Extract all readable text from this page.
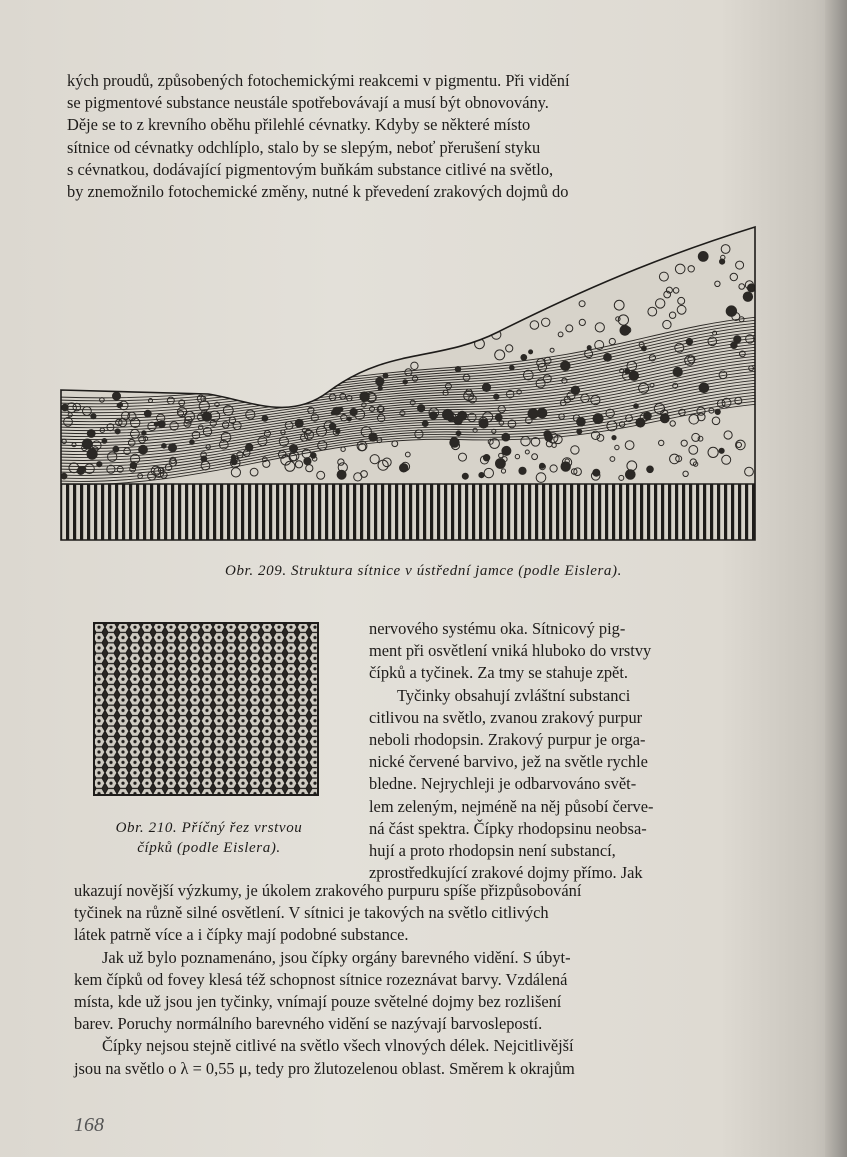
kých proudů, způsobených fotochemickými reakcemi v pigmentu. Při vidění
se pigmentové substance neustále spotřebovávají a musí být obnovovány.
Děje se to z krevního oběhu přilehlé cévnatky. Kdyby se některé místo
sítnice od cévnatky odchlíplo, stalo by se slepým, neboť přerušení styku
s cévnatkou, dodávající pigmentovým buňkám substance citlivé na světlo,
by znemožnilo fotochemické změny, nutné k převedení zrakových dojmů do

Obr. 209. Struktura sítnice v ústřední jamce (podle Eislera).
Obr. 210. Příčný řez vrstvou
čípků (podle Eislera).

nervového systému oka. Sítnicový pig-
ment při osvětlení vniká hluboko do vrstvy
čípků a tyčinek. Za tmy se stahuje zpět.
Tyčinky obsahují zvláštní substanci
citlivou na světlo, zvanou zrakový purpur
neboli rhodopsin. Zrakový purpur je orga-
nické červené barvivo, jež na světle rychle
bledne. Nejrychleji je odbarvováno svět-
lem zeleným, nejméně na něj působí červe-
ná část spektra. Čípky rhodopsinu neobsa-
hují a proto rhodopsin není substancí,
zprostředkující zrakové dojmy přímo. Jak

ukazují novější výzkumy, je úkolem zrakového purpuru spíše přizpůsobování
tyčinek na různě silné osvětlení. V sítnici je takových na světlo citlivých
látek patrně více a i čípky mají podobné substance.
Jak už bylo poznamenáno, jsou čípky orgány barevného vidění. S úbyt-
kem čípků od fovey klesá též schopnost sítnice rozeznávat barvy. Vzdálená
místa, kde už jsou jen tyčinky, vnímají pouze světelné dojmy bez rozlišení
barev. Poruchy normálního barevného vidění se nazývají barvoslepostí.
Čípky nejsou stejně citlivé na světlo všech vlnových délek. Nejcitlivější
jsou na světlo o λ = 0,55 μ, tedy pro žlutozelenou oblast. Směrem k okrajům

168
